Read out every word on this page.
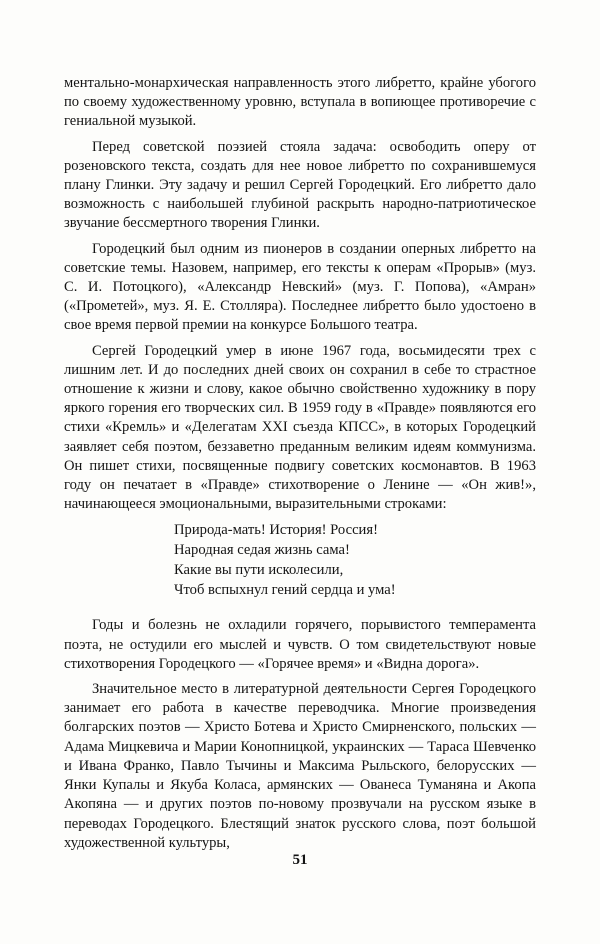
ментально-монархическая направленность этого либретто, крайне убогого по своему художественному уровню, вступала в вопиющее противоречие с гениальной музыкой.

Перед советской поэзией стояла задача: освободить оперу от розеновского текста, создать для нее новое либретто по сохранившемуся плану Глинки. Эту задачу и решил Сергей Городецкий. Его либретто дало возможность с наибольшей глубиной раскрыть народно-патриотическое звучание бессмертного творения Глинки.

Городецкий был одним из пионеров в создании оперных либретто на советские темы. Назовем, например, его тексты к операм «Прорыв» (муз. С. И. Потоцкого), «Александр Невский» (муз. Г. Попова), «Амран» («Прометей», муз. Я. Е. Столляра). Последнее либретто было удостоено в свое время первой премии на конкурсе Большого театра.

Сергей Городецкий умер в июне 1967 года, восьмидесяти трех с лишним лет. И до последних дней своих он сохранил в себе то страстное отношение к жизни и слову, какое обычно свойственно художнику в пору яркого горения его творческих сил. В 1959 году в «Правде» появляются его стихи «Кремль» и «Делегатам XXI съезда КПСС», в которых Городецкий заявляет себя поэтом, беззаветно преданным великим идеям коммунизма. Он пишет стихи, посвященные подвигу советских космонавтов. В 1963 году он печатает в «Правде» стихотворение о Ленине — «Он жив!», начинающееся эмоциональными, выразительными строками:

Природа-мать! История! Россия!
Народная седая жизнь сама!
Какие вы пути исколесили,
Чтоб вспыхнул гений сердца и ума!

Годы и болезнь не охладили горячего, порывистого темперамента поэта, не остудили его мыслей и чувств. О том свидетельствуют новые стихотворения Городецкого — «Горячее время» и «Видна дорога».

Значительное место в литературной деятельности Сергея Городецкого занимает его работа в качестве переводчика. Многие произведения болгарских поэтов — Христо Ботева и Христо Смирненского, польских — Адама Мицкевича и Марии Конопницкой, украинских — Тараса Шевченко и Ивана Франко, Павло Тычины и Максима Рыльского, белорусских — Янки Купалы и Якуба Коласа, армянских — Ованеса Туманяна и Акопа Акопяна — и других поэтов по-новому прозвучали на русском языке в переводах Городецкого. Блестящий знаток русского слова, поэт большой художественной культуры,

51
